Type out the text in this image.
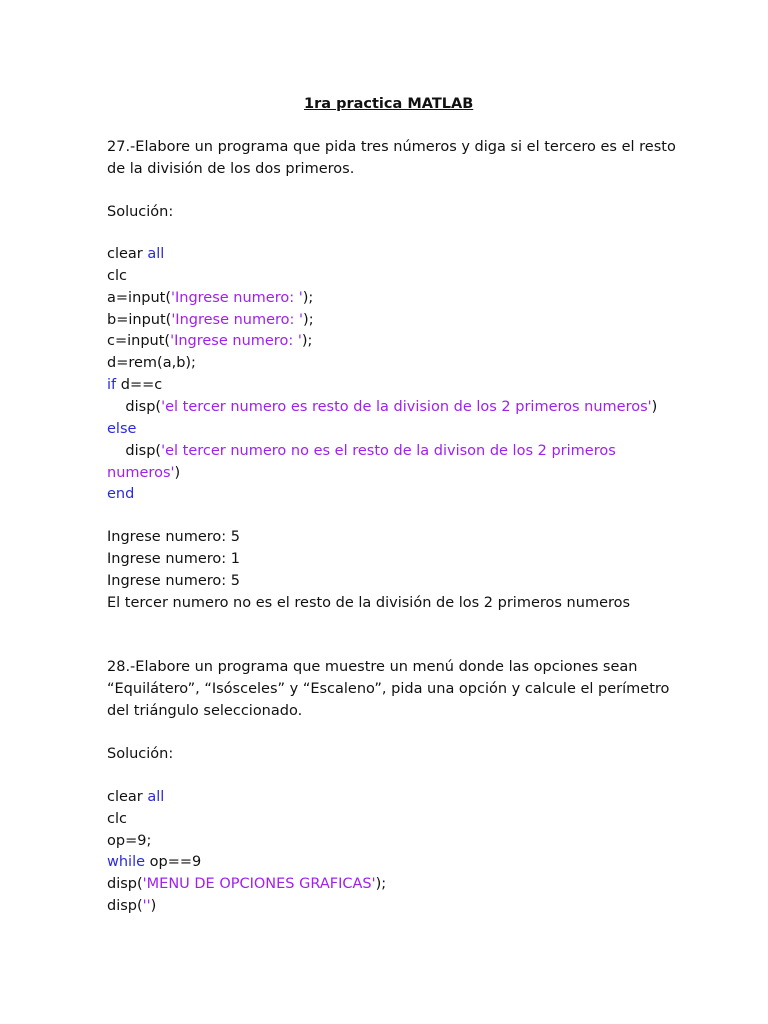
1ra practica MATLAB
27.-Elabore un programa que pida tres números y diga si el tercero es el resto
de la división de los dos primeros.
Solución:
clear all
clc
a=input('Ingrese numero: ');
b=input('Ingrese numero: ');
c=input('Ingrese numero: ');
d=rem(a,b);
if d==c
disp('el tercer numero es resto de la division de los 2 primeros numeros')
else
disp('el tercer numero no es el resto de la divison de los 2 primeros
numeros')
end
Ingrese numero: 5
Ingrese numero: 1
Ingrese numero: 5
El tercer numero no es el resto de la división de los 2 primeros numeros
28.-Elabore un programa que muestre un menú donde las opciones sean
“Equilátero”, “Isósceles” y “Escaleno”, pida una opción y calcule el perímetro
del triángulo seleccionado.
Solución:
clear all
clc
op=9;
while op==9
disp('MENU DE OPCIONES GRAFICAS');
disp('')
